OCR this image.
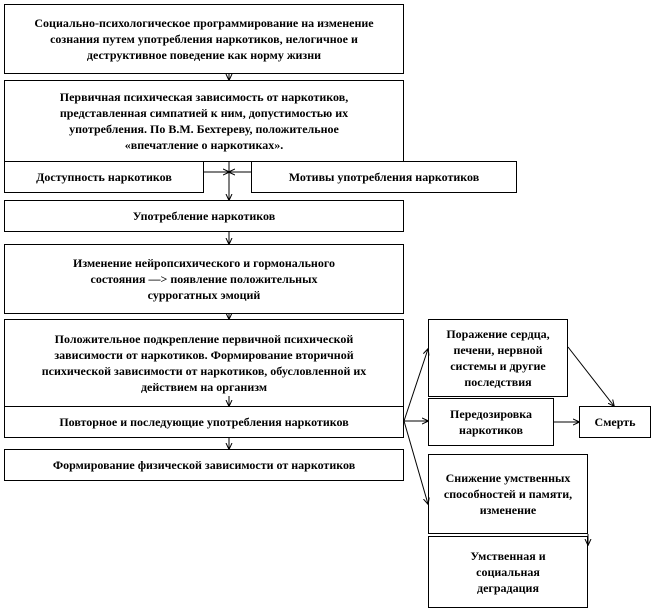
Социально-психологическое программирование на изменение сознания путем употребления наркотиков, нелогичное и деструктивное поведение как норму жизни
Первичная психическая зависимость от наркотиков, представленная симпатией к ним, допустимостью их употребления. По В.М. Бехтереву, положительное «впечатление о наркотиках».
Доступность наркотиков	Мотивы употребления наркотиков
Употребление наркотиков
Изменение нейропсихического и гормонального состояния —> появление положительных суррогатных эмоций
Положительное подкрепление первичной психической зависимости от наркотиков. Формирование вторичной психической зависимости от наркотиков, обусловленной их действием на организм
Повторное и последующие употребления наркотиков
Формирование физической зависимости от наркотиков
Поражение сердца, печени, нервной системы и другие последствия
Передозировка наркотиков
Смерть
Снижение умственных способностей и памяти, изменение
Умственная и социальная деградация
